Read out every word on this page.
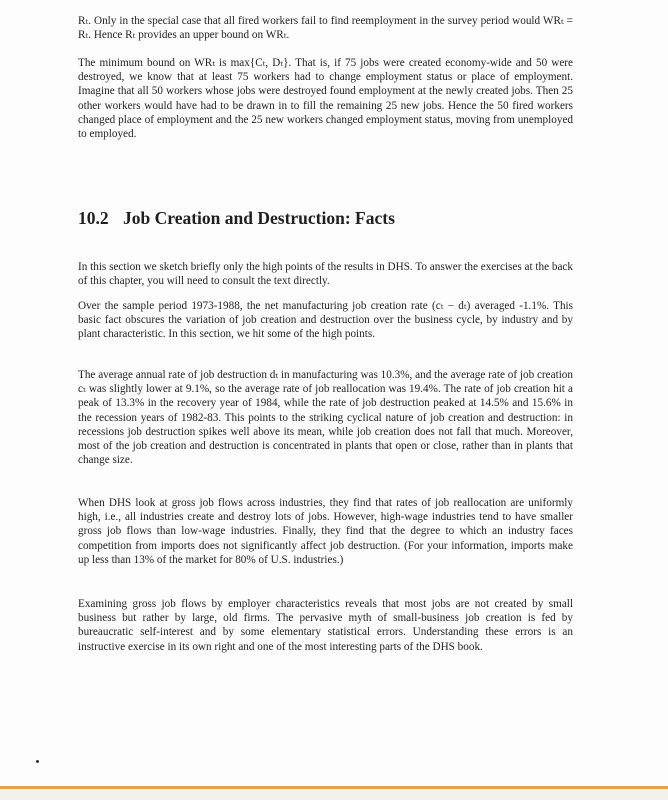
Rₜ. Only in the special case that all fired workers fail to find reemployment in the survey period would WRₜ = Rₜ. Hence Rₜ provides an upper bound on WRₜ.

The minimum bound on WRₜ is max{Cₜ, Dₜ}. That is, if 75 jobs were created economy-wide and 50 were destroyed, we know that at least 75 workers had to change employment status or place of employment. Imagine that all 50 workers whose jobs were destroyed found employment at the newly created jobs. Then 25 other workers would have had to be drawn in to fill the remaining 25 new jobs. Hence the 50 fired workers changed place of employment and the 25 new workers changed employment status, moving from unemployed to employed.

10.2 Job Creation and Destruction: Facts

In this section we sketch briefly only the high points of the results in DHS. To answer the exercises at the back of this chapter, you will need to consult the text directly.

Over the sample period 1973-1988, the net manufacturing job creation rate (cₜ − dₜ) averaged -1.1%. This basic fact obscures the variation of job creation and destruction over the business cycle, by industry and by plant characteristic. In this section, we hit some of the high points.

The average annual rate of job destruction dₜ in manufacturing was 10.3%, and the average rate of job creation cₜ was slightly lower at 9.1%, so the average rate of job reallocation was 19.4%. The rate of job creation hit a peak of 13.3% in the recovery year of 1984, while the rate of job destruction peaked at 14.5% and 15.6% in the recession years of 1982-83. This points to the striking cyclical nature of job creation and destruction: in recessions job destruction spikes well above its mean, while job creation does not fall that much. Moreover, most of the job creation and destruction is concentrated in plants that open or close, rather than in plants that change size.

When DHS look at gross job flows across industries, they find that rates of job reallocation are uniformly high, i.e., all industries create and destroy lots of jobs. However, high-wage industries tend to have smaller gross job flows than low-wage industries. Finally, they find that the degree to which an industry faces competition from imports does not significantly affect job destruction. (For your information, imports make up less than 13% of the market for 80% of U.S. industries.)

Examining gross job flows by employer characteristics reveals that most jobs are not created by small business but rather by large, old firms. The pervasive myth of small-business job creation is fed by bureaucratic self-interest and by some elementary statistical errors. Understanding these errors is an instructive exercise in its own right and one of the most interesting parts of the DHS book.
